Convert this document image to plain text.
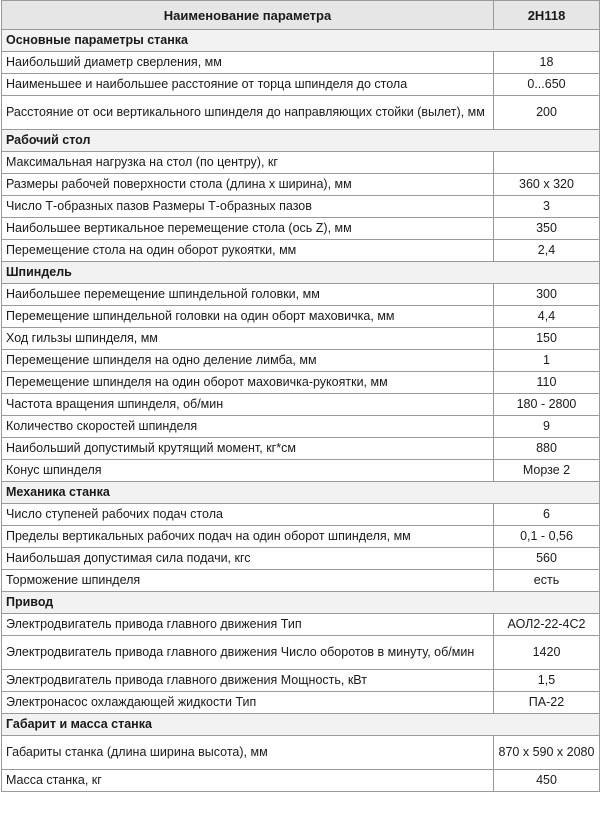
Наименование параметра	2Н118
Основные параметры станка	
Наибольший диаметр сверления, мм	18
Наименьшее и наибольшее расстояние от торца шпинделя до стола	0...650
Расстояние от оси вертикального шпинделя до направляющих стойки (вылет), мм	200
Рабочий стол	
Максимальная нагрузка на стол (по центру), кг	
Размеры рабочей поверхности стола (длина х ширина), мм	360 х 320
Число Т-образных пазов Размеры Т-образных пазов	3
Наибольшее вертикальное перемещение стола (ось Z), мм	350
Перемещение стола на один оборот рукоятки, мм	2,4
Шпиндель	
Наибольшее перемещение шпиндельной головки, мм	300
Перемещение шпиндельной головки на один оборт маховичка, мм	4,4
Ход гильзы шпинделя, мм	150
Перемещение шпинделя на одно деление лимба, мм	1
Перемещение шпинделя на один оборот маховичка-рукоятки, мм	110
Частота вращения шпинделя, об/мин	180 - 2800
Количество скоростей шпинделя	9
Наибольший допустимый крутящий момент, кг*см	880
Конус шпинделя	Морзе 2
Механика станка	
Число ступеней рабочих подач стола	6
Пределы вертикальных рабочих подач на один оборот шпинделя, мм	0,1 - 0,56
Наибольшая допустимая сила подачи, кгс	560
Торможение шпинделя	есть
Привод	
Электродвигатель привода главного движения Тип	АОЛ2-22-4С2
Электродвигатель привода главного движения Число оборотов в минуту, об/мин	1420
Электродвигатель привода главного движения Мощность, кВт	1,5
Электронасос охлаждающей жидкости Тип	ПА-22
Габарит и масса станка	
Габариты станка (длина ширина высота), мм	870 х 590 х 2080
Масса станка, кг	450
